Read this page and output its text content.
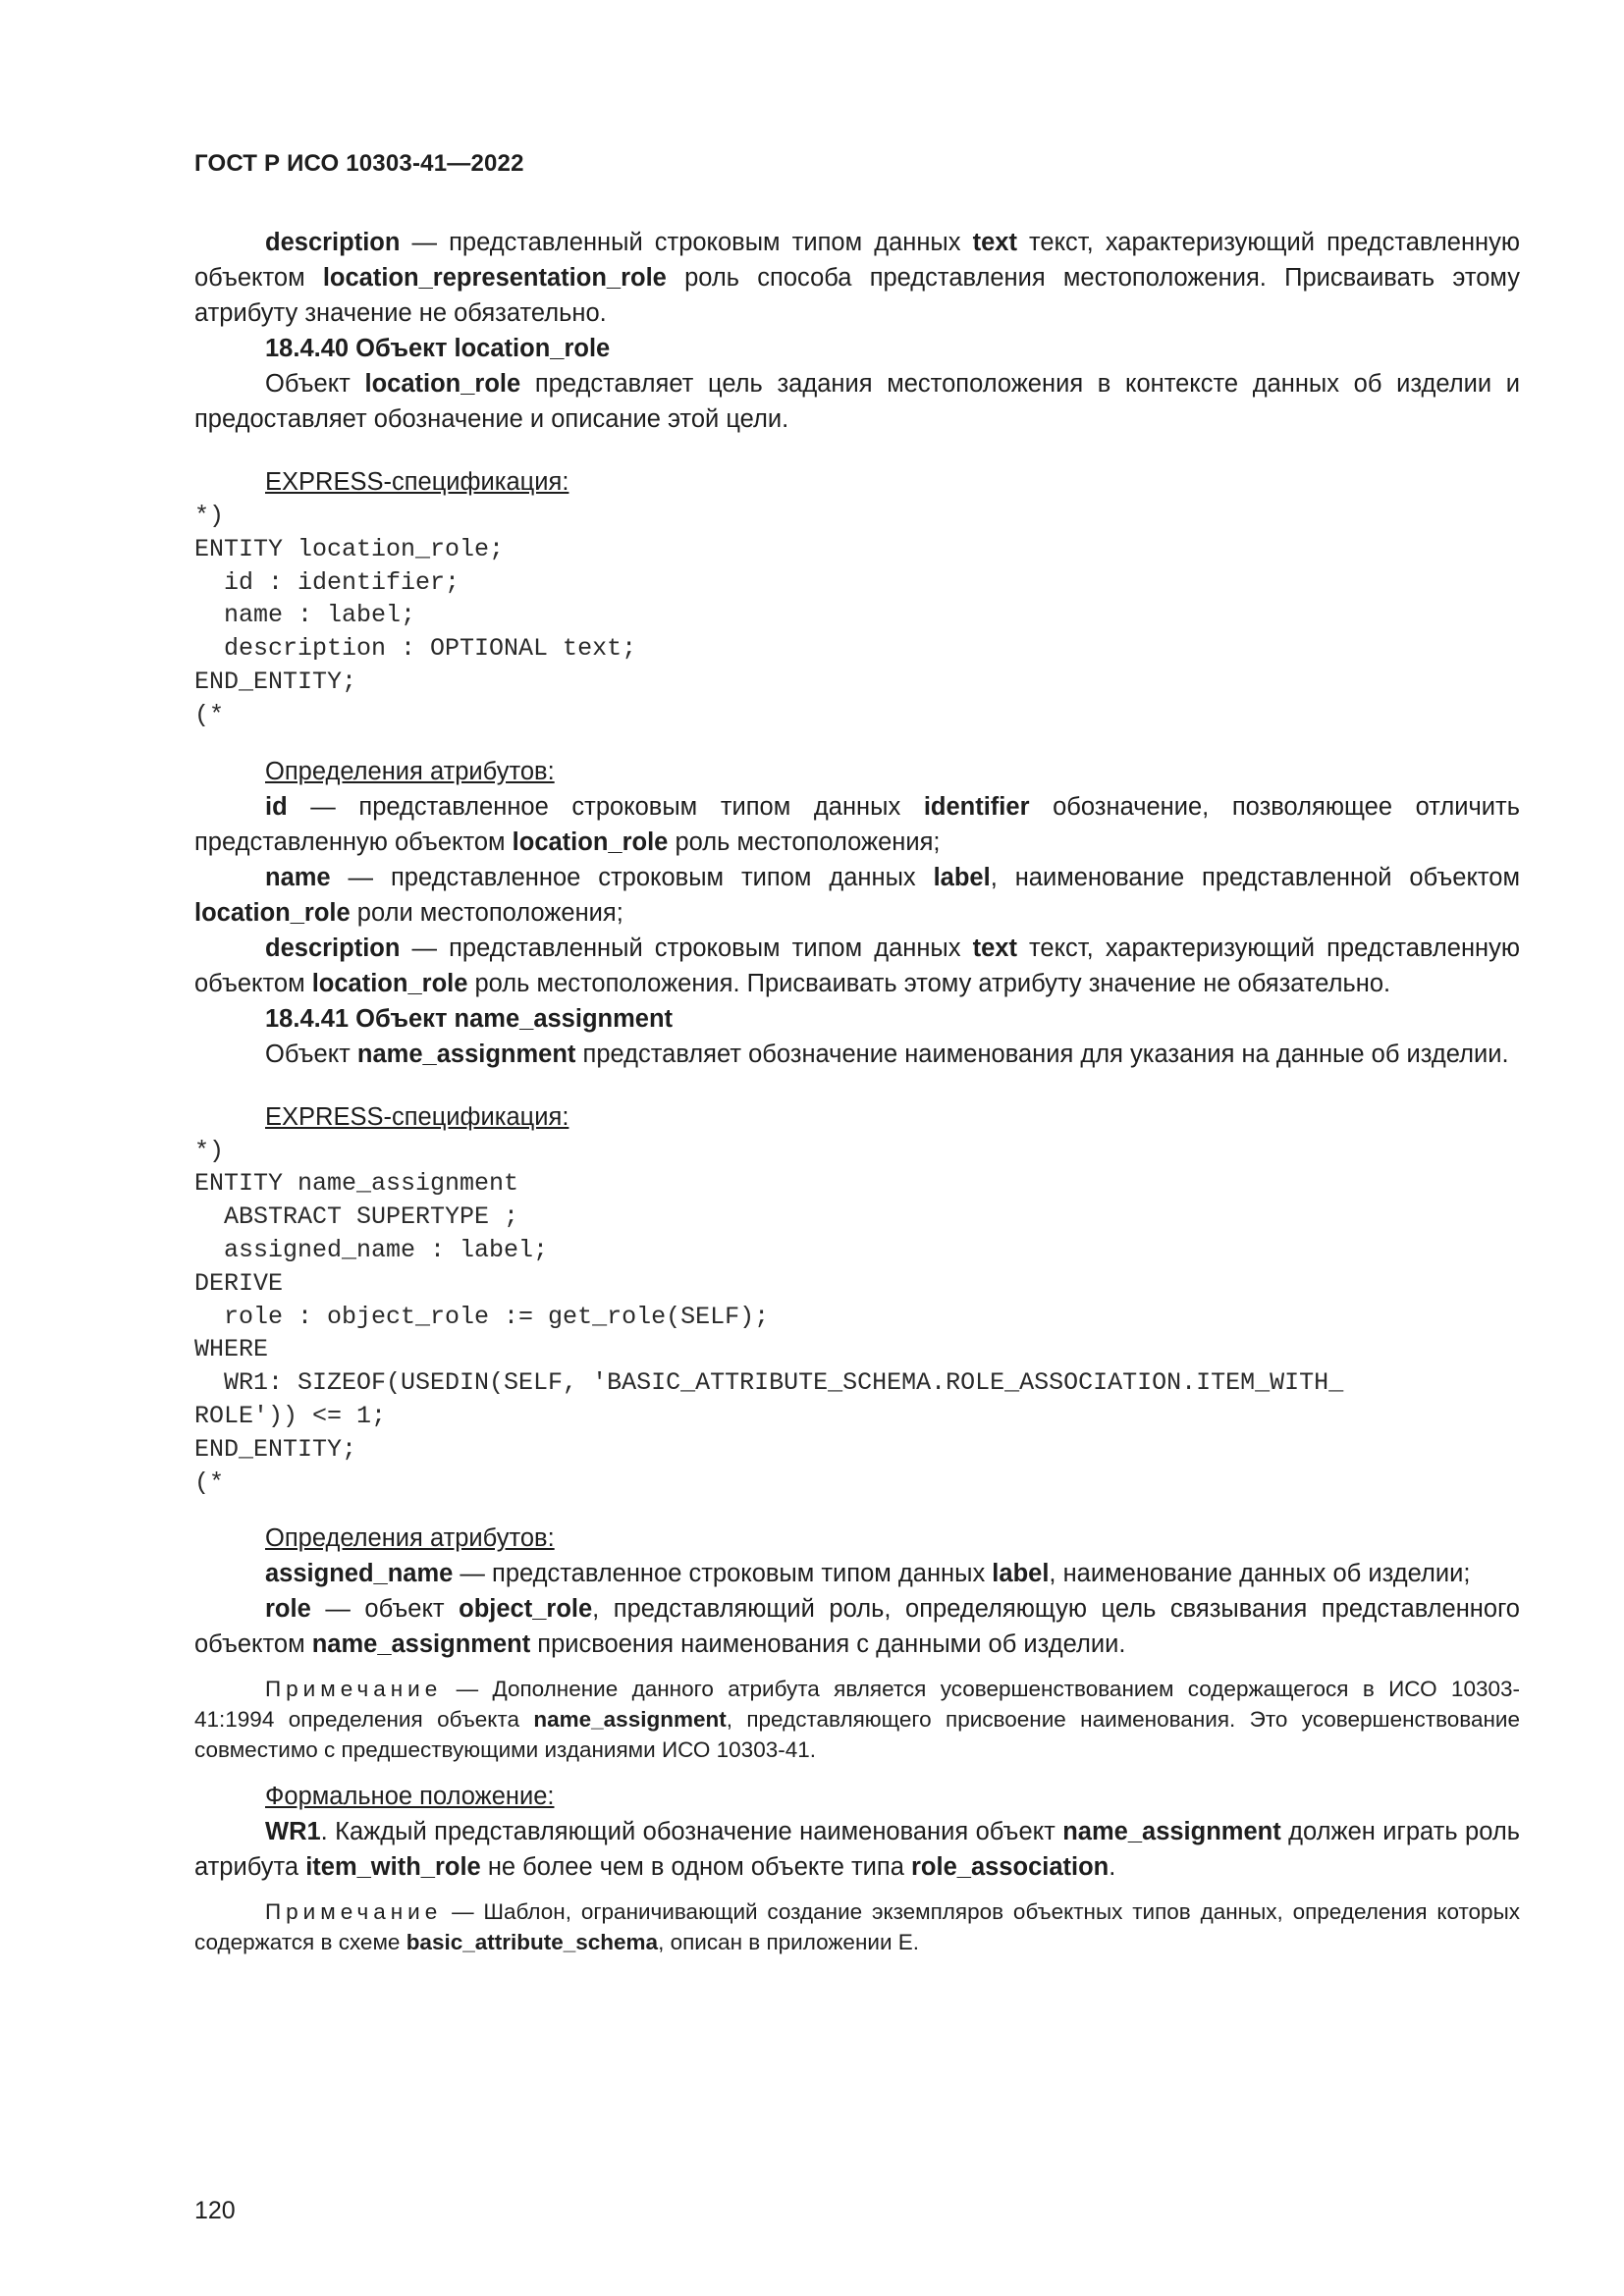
ГОСТ Р ИСО 10303-41—2022

description — представленный строковым типом данных text текст, характеризующий представленную объектом location_representation_role роль способа представления местоположения. Присваивать этому атрибуту значение не обязательно.

18.4.40 Объект location_role

Объект location_role представляет цель задания местоположения в контексте данных об изделии и предоставляет обозначение и описание этой цели.

EXPRESS-спецификация:
*)
ENTITY location_role;
id : identifier;
name : label;
description : OPTIONAL text;
END_ENTITY;
(*
Определения атрибутов:

id — представленное строковым типом данных identifier обозначение, позволяющее отличить представленную объектом location_role роль местоположения;

name — представленное строковым типом данных label, наименование представленной объектом location_role роли местоположения;

description — представленный строковым типом данных text текст, характеризующий представленную объектом location_role роль местоположения. Присваивать этому атрибуту значение не обязательно.

18.4.41 Объект name_assignment

Объект name_assignment представляет обозначение наименования для указания на данные об изделии.

EXPRESS-спецификация:
*)
ENTITY name_assignment
ABSTRACT SUPERTYPE ;
assigned_name : label;
DERIVE
role : object_role := get_role(SELF);
WHERE
WR1: SIZEOF(USEDIN(SELF, 'BASIC_ATTRIBUTE_SCHEMA.ROLE_ASSOCIATION.ITEM_WITH_
ROLE')) <= 1;
END_ENTITY;
(*
Определения атрибутов:

assigned_name — представленное строковым типом данных label, наименование данных об изделии;

role — объект object_role, представляющий роль, определяющую цель связывания представленного объектом name_assignment присвоения наименования с данными об изделии.

Примечание — Дополнение данного атрибута является усовершенствованием содержащегося в ИСО 10303-41:1994 определения объекта name_assignment, представляющего присвоение наименования. Это усовершенствование совместимо с предшествующими изданиями ИСО 10303-41.

Формальное положение:

WR1. Каждый представляющий обозначение наименования объект name_assignment должен играть роль атрибута item_with_role не более чем в одном объекте типа role_association.

Примечание — Шаблон, ограничивающий создание экземпляров объектных типов данных, определения которых содержатся в схеме basic_attribute_schema, описан в приложении E.

120
